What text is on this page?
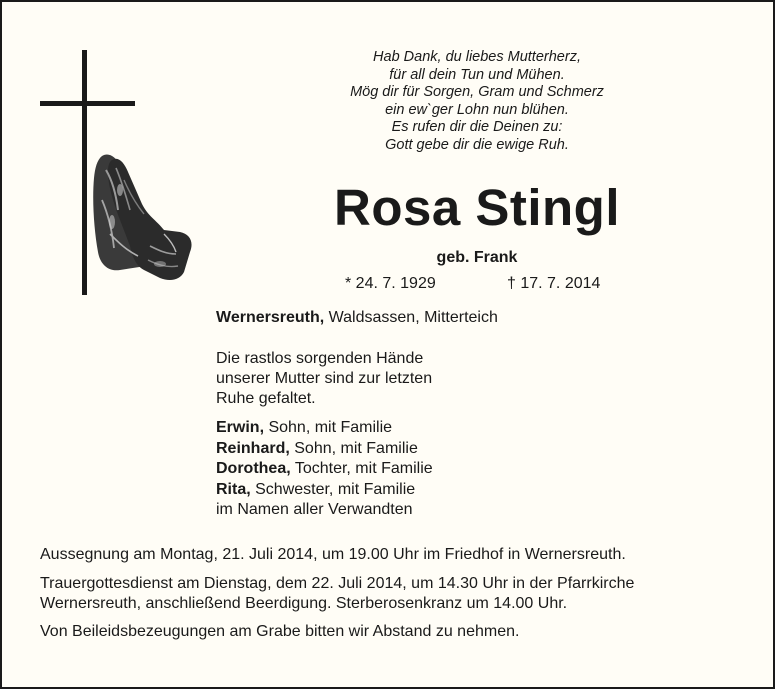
Hab Dank, du liebes Mutterherz,
für all dein Tun und Mühen.
Mög dir für Sorgen, Gram und Schmerz
ein ew`ger Lohn nun blühen.
Es rufen dir die Deinen zu:
Gott gebe dir die ewige Ruh.
Rosa Stingl
geb. Frank
* 24. 7. 1929	† 17. 7. 2014
Wernersreuth, Waldsassen, Mitterteich
Die rastlos sorgenden Hände
unserer Mutter sind zur letzten
Ruhe gefaltet.
Erwin, Sohn, mit Familie
Reinhard, Sohn, mit Familie
Dorothea, Tochter, mit Familie
Rita, Schwester, mit Familie
im Namen aller Verwandten
Aussegnung am Montag, 21. Juli 2014, um 19.00 Uhr im Friedhof in Wernersreuth.
Trauergottesdienst am Dienstag, dem 22. Juli 2014, um 14.30 Uhr in der Pfarrkirche
Wernersreuth, anschließend Beerdigung. Sterberosenkranz um 14.00 Uhr.
Von Beileidsbezeugungen am Grabe bitten wir Abstand zu nehmen.
